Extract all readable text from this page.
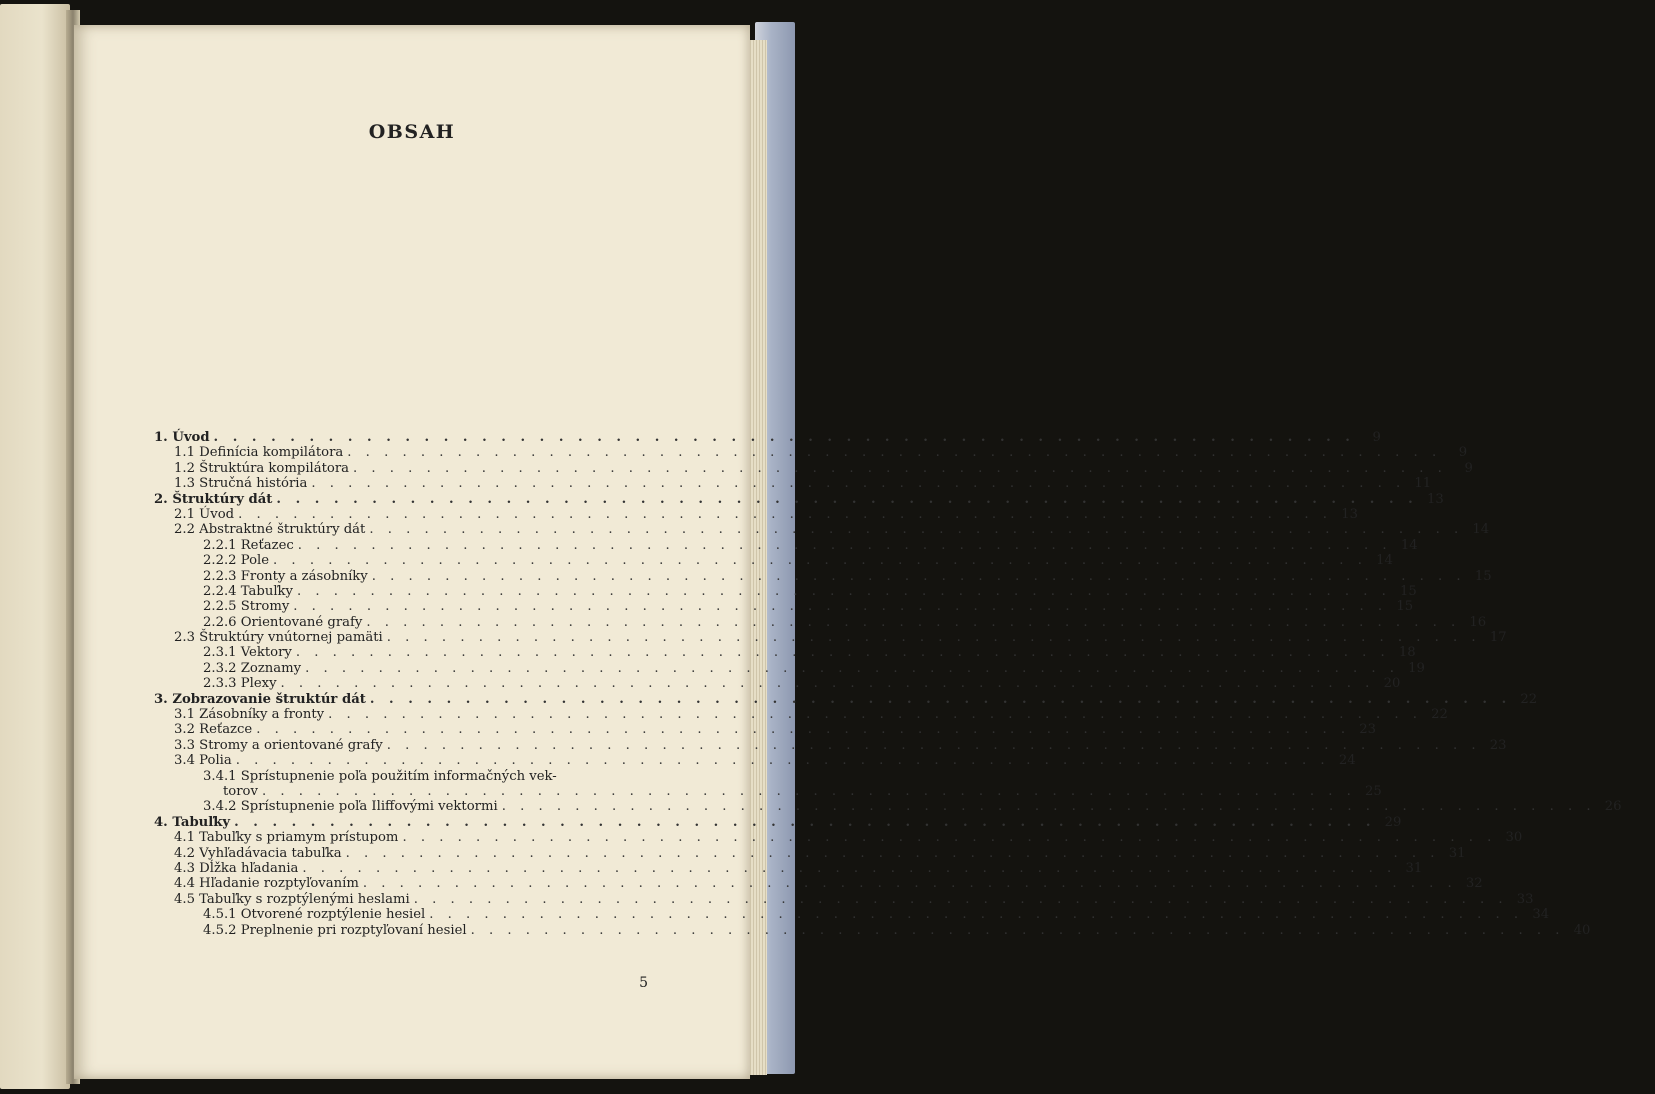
OBSAH
1. Úvod . . . . . . . . . . . . . . . . . . . . . . . . . . . . . . . . . . . . . . . . . . . . . . . . . . . . . . . . . . . .	9
1.1 Definícia kompilátora . . . . . . . . . . . . . . . . . . . . . . . . . . . . . . . . . . . . . . . . . . . . . . . . . . . . . . . . . . . .	9
1.2 Štruktúra kompilátora . . . . . . . . . . . . . . . . . . . . . . . . . . . . . . . . . . . . . . . . . . . . . . . . . . . . . . . . . . . .	9
1.3 Stručná história . . . . . . . . . . . . . . . . . . . . . . . . . . . . . . . . . . . . . . . . . . . . . . . . . . . . . . . . . . . . 11
2. Štruktúry dát . . . . . . . . . . . . . . . . . . . . . . . . . . . . . . . . . . . . . . . . . . . . . . . . . . . . . . . . . . . . 13
2.1 Úvod . . . . . . . . . . . . . . . . . . . . . . . . . . . . . . . . . . . . . . . . . . . . . . . . . . . . . . . . . . . . 13
2.2 Abstraktné štruktúry dát . . . . . . . . . . . . . . . . . . . . . . . . . . . . . . . . . . . . . . . . . . . . . . . . . . . . . . . . . . . . 14
2.2.1 Reťazec . . . . . . . . . . . . . . . . . . . . . . . . . . . . . . . . . . . . . . . . . . . . . . . . . . . . . . . . . . . . 14
2.2.2 Pole . . . . . . . . . . . . . . . . . . . . . . . . . . . . . . . . . . . . . . . . . . . . . . . . . . . . . . . . . . . . 14
2.2.3 Fronty a zásobníky . . . . . . . . . . . . . . . . . . . . . . . . . . . . . . . . . . . . . . . . . . . . . . . . . . . . . . . . . . . . 15
2.2.4 Tabuľky . . . . . . . . . . . . . . . . . . . . . . . . . . . . . . . . . . . . . . . . . . . . . . . . . . . . . . . . . . . . 15
2.2.5 Stromy . . . . . . . . . . . . . . . . . . . . . . . . . . . . . . . . . . . . . . . . . . . . . . . . . . . . . . . . . . . . 15
2.2.6 Orientované grafy . . . . . . . . . . . . . . . . . . . . . . . . . . . . . . . . . . . . . . . . . . . . . . . . . . . . . . . . . . . . 16
2.3 Štruktúry vnútornej pamäti . . . . . . . . . . . . . . . . . . . . . . . . . . . . . . . . . . . . . . . . . . . . . . . . . . . . . . . . . . . . 17
2.3.1 Vektory . . . . . . . . . . . . . . . . . . . . . . . . . . . . . . . . . . . . . . . . . . . . . . . . . . . . . . . . . . . . 18
2.3.2 Zoznamy . . . . . . . . . . . . . . . . . . . . . . . . . . . . . . . . . . . . . . . . . . . . . . . . . . . . . . . . . . . . 19
2.3.3 Plexy . . . . . . . . . . . . . . . . . . . . . . . . . . . . . . . . . . . . . . . . . . . . . . . . . . . . . . . . . . . . 20
3. Zobrazovanie štruktúr dát . . . . . . . . . . . . . . . . . . . . . . . . . . . . . . . . . . . . . . . . . . . . . . . . . . . . . . . . . . . . 22
3.1 Zásobníky a fronty . . . . . . . . . . . . . . . . . . . . . . . . . . . . . . . . . . . . . . . . . . . . . . . . . . . . . . . . . . . . 22
3.2 Reťazce . . . . . . . . . . . . . . . . . . . . . . . . . . . . . . . . . . . . . . . . . . . . . . . . . . . . . . . . . . . . 23
3.3 Stromy a orientované grafy . . . . . . . . . . . . . . . . . . . . . . . . . . . . . . . . . . . . . . . . . . . . . . . . . . . . . . . . . . . . 23
3.4 Polia . . . . . . . . . . . . . . . . . . . . . . . . . . . . . . . . . . . . . . . . . . . . . . . . . . . . . . . . . . . . 24
3.4.1 Sprístupnenie poľa použitím informačných vek-
torov . . . . . . . . . . . . . . . . . . . . . . . . . . . . . . . . . . . . . . . . . . . . . . . . . . . . . . . . . . . . 25
3.4.2 Sprístupnenie poľa Iliffovými vektormi . . . . . . . . . . . . . . . . . . . . . . . . . . . . . . . . . . . . . . . . . . . . . . . . . . . . . . . . . . . . 26
4. Tabuľky . . . . . . . . . . . . . . . . . . . . . . . . . . . . . . . . . . . . . . . . . . . . . . . . . . . . . . . . . . . . 29
4.1 Tabuľky s priamym prístupom . . . . . . . . . . . . . . . . . . . . . . . . . . . . . . . . . . . . . . . . . . . . . . . . . . . . . . . . . . . . 30
4.2 Vyhľadávacia tabuľka . . . . . . . . . . . . . . . . . . . . . . . . . . . . . . . . . . . . . . . . . . . . . . . . . . . . . . . . . . . . 31
4.3 Dĺžka hľadania . . . . . . . . . . . . . . . . . . . . . . . . . . . . . . . . . . . . . . . . . . . . . . . . . . . . . . . . . . . . 31
4.4 Hľadanie rozptyľovaním . . . . . . . . . . . . . . . . . . . . . . . . . . . . . . . . . . . . . . . . . . . . . . . . . . . . . . . . . . . . 32
4.5 Tabuľky s rozptýlenými heslami . . . . . . . . . . . . . . . . . . . . . . . . . . . . . . . . . . . . . . . . . . . . . . . . . . . . . . . . . . . . 33
4.5.1 Otvorené rozptýlenie hesiel . . . . . . . . . . . . . . . . . . . . . . . . . . . . . . . . . . . . . . . . . . . . . . . . . . . . . . . . . . . . 34
4.5.2 Preplnenie pri rozptyľovaní hesiel . . . . . . . . . . . . . . . . . . . . . . . . . . . . . . . . . . . . . . . . . . . . . . . . . . . . . . . . . . . . 40
5
